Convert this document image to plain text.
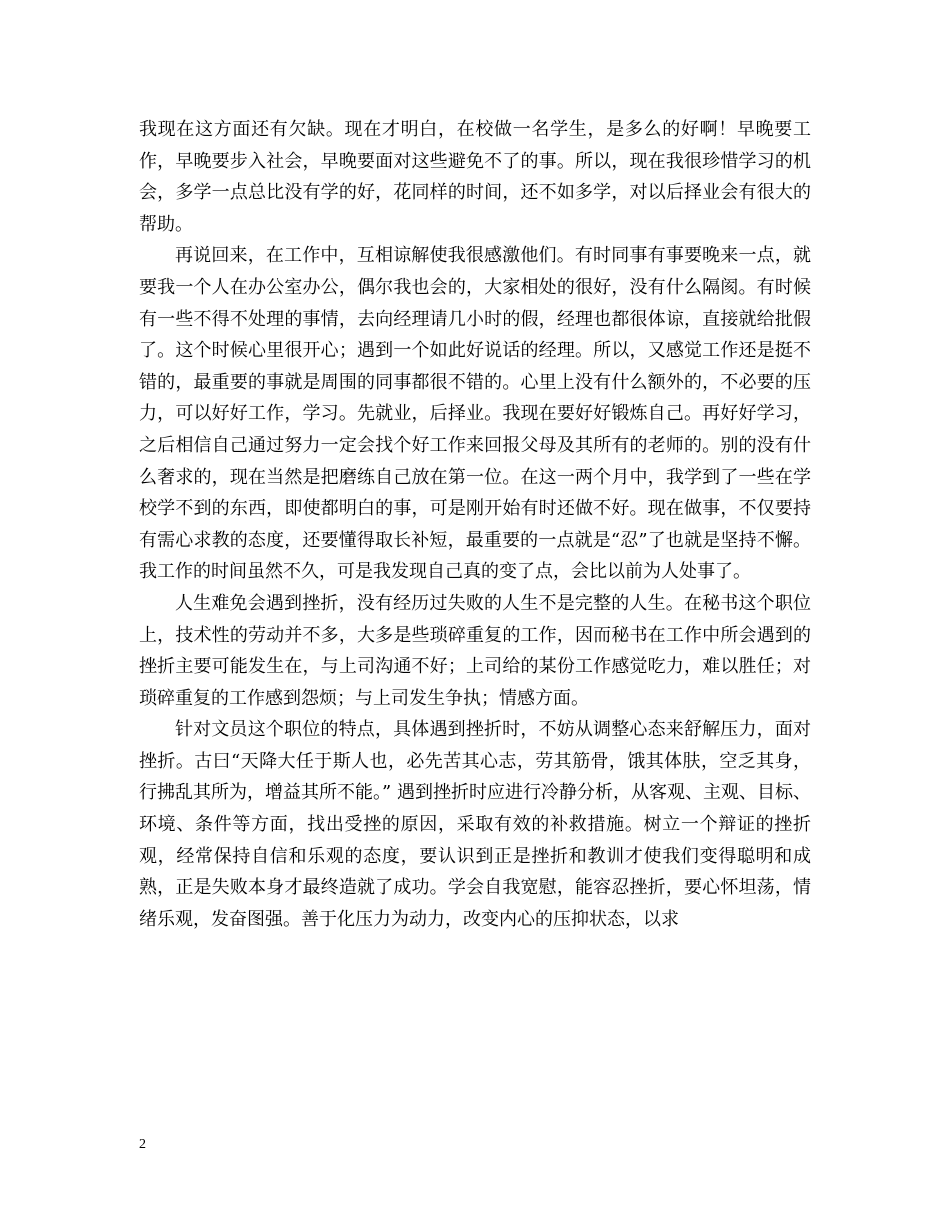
我现在这方面还有欠缺。现在才明白，在校做一名学生，是多么的好啊！早晚要工作，早晚要步入社会，早晚要面对这些避免不了的事。所以，现在我很珍惜学习的机会，多学一点总比没有学的好，花同样的时间，还不如多学，对以后择业会有很大的帮助。

再说回来，在工作中，互相谅解使我很感激他们。有时同事有事要晚来一点，就要我一个人在办公室办公，偶尔我也会的，大家相处的很好，没有什么隔阂。有时候有一些不得不处理的事情，去向经理请几小时的假，经理也都很体谅，直接就给批假了。这个时候心里很开心；遇到一个如此好说话的经理。所以，又感觉工作还是挺不错的，最重要的事就是周围的同事都很不错的。心里上没有什么额外的，不必要的压力，可以好好工作，学习。先就业，后择业。我现在要好好锻炼自己。再好好学习，之后相信自己通过努力一定会找个好工作来回报父母及其所有的老师的。别的没有什么奢求的，现在当然是把磨练自己放在第一位。在这一两个月中，我学到了一些在学校学不到的东西，即使都明白的事，可是刚开始有时还做不好。现在做事，不仅要持有需心求教的态度，还要懂得取长补短，最重要的一点就是“忍”了也就是坚持不懈。我工作的时间虽然不久，可是我发现自己真的变了点，会比以前为人处事了。

人生难免会遇到挫折，没有经历过失败的人生不是完整的人生。在秘书这个职位上，技术性的劳动并不多，大多是些琐碎重复的工作，因而秘书在工作中所会遇到的挫折主要可能发生在，与上司沟通不好；上司给的某份工作感觉吃力，难以胜任；对琐碎重复的工作感到怨烦；与上司发生争执；情感方面。

针对文员这个职位的特点，具体遇到挫折时，不妨从调整心态来舒解压力，面对挫折。古曰“天降大任于斯人也，必先苦其心志，劳其筋骨，饿其体肤，空乏其身，行拂乱其所为，增益其所不能。” 遇到挫折时应进行冷静分析，从客观、主观、目标、环境、条件等方面，找出受挫的原因，采取有效的补救措施。树立一个辩证的挫折观，经常保持自信和乐观的态度，要认识到正是挫折和教训才使我们变得聪明和成熟，正是失败本身才最终造就了成功。学会自我宽慰，能容忍挫折，要心怀坦荡，情绪乐观，发奋图强。善于化压力为动力，改变内心的压抑状态，以求

2
